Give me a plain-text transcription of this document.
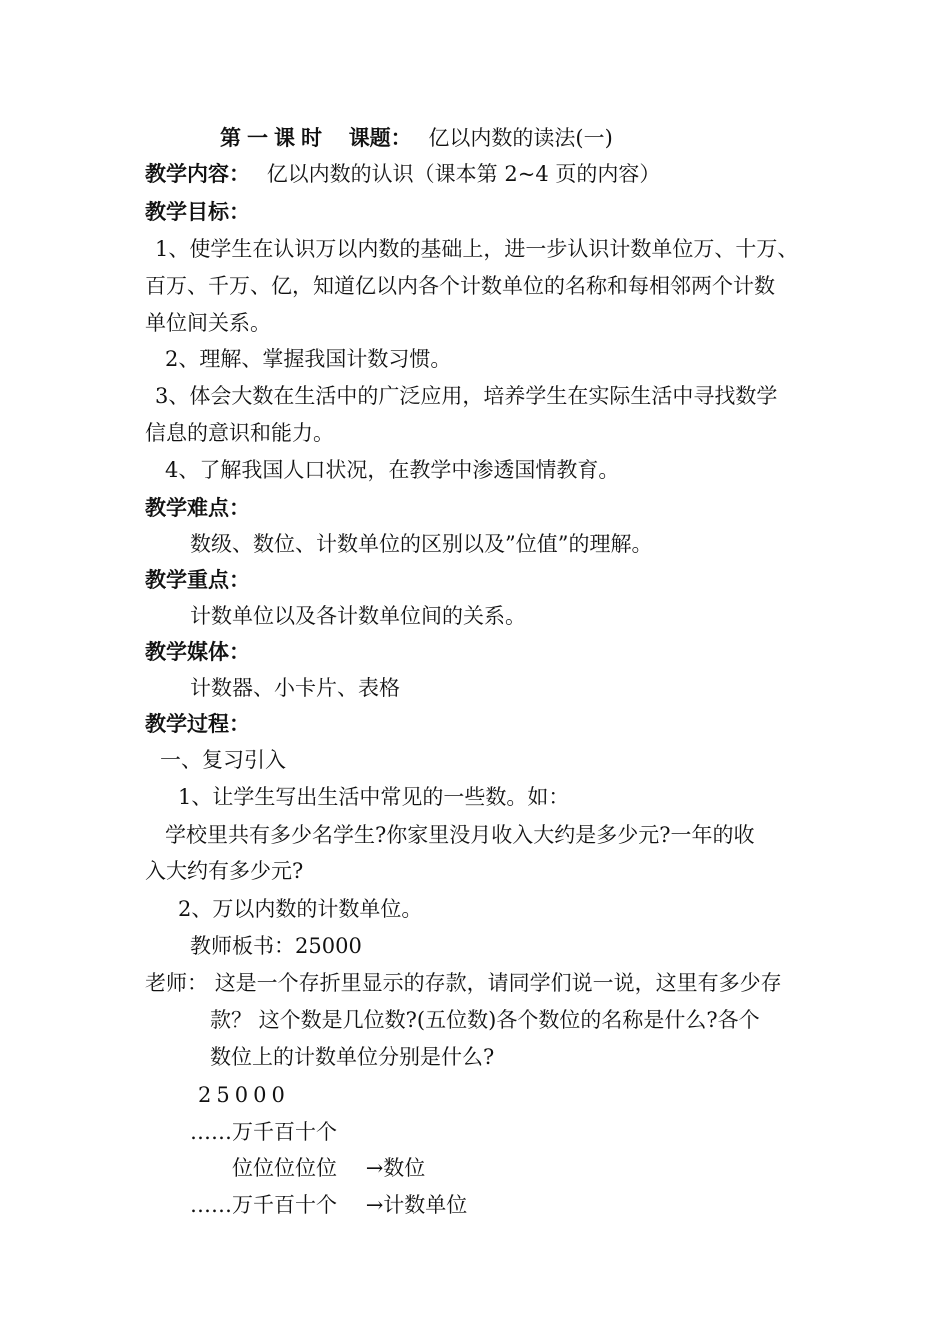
第一课时 课题： 亿以内数的读法(一)
教学内容： 亿以内数的认识（课本第 2~4 页的内容）
教学目标：
1、使学生在认识万以内数的基础上，进一步认识计数单位万、十万、
百万、千万、亿，知道亿以内各个计数单位的名称和每相邻两个计数
单位间关系。
2、理解、掌握我国计数习惯。
3、体会大数在生活中的广泛应用，培养学生在实际生活中寻找数学
信息的意识和能力。
4、了解我国人口状况，在教学中渗透国情教育。
教学难点：
数级、数位、计数单位的区别以及”位值”的理解。
教学重点：
计数单位以及各计数单位间的关系。
教学媒体：
计数器、小卡片、表格
教学过程：
一、复习引入
1、让学生写出生活中常见的一些数。如：
学校里共有多少名学生?你家里没月收入大约是多少元?一年的收
入大约有多少元?
2、万以内数的计数单位。
教师板书：25000
老师： 这是一个存折里显示的存款，请同学们说一说，这里有多少存
款？ 这个数是几位数?(五位数)各个数位的名称是什么?各个
数位上的计数单位分别是什么?
25000
……万千百十个
位位位位位 →数位
……万千百十个 →计数单位
